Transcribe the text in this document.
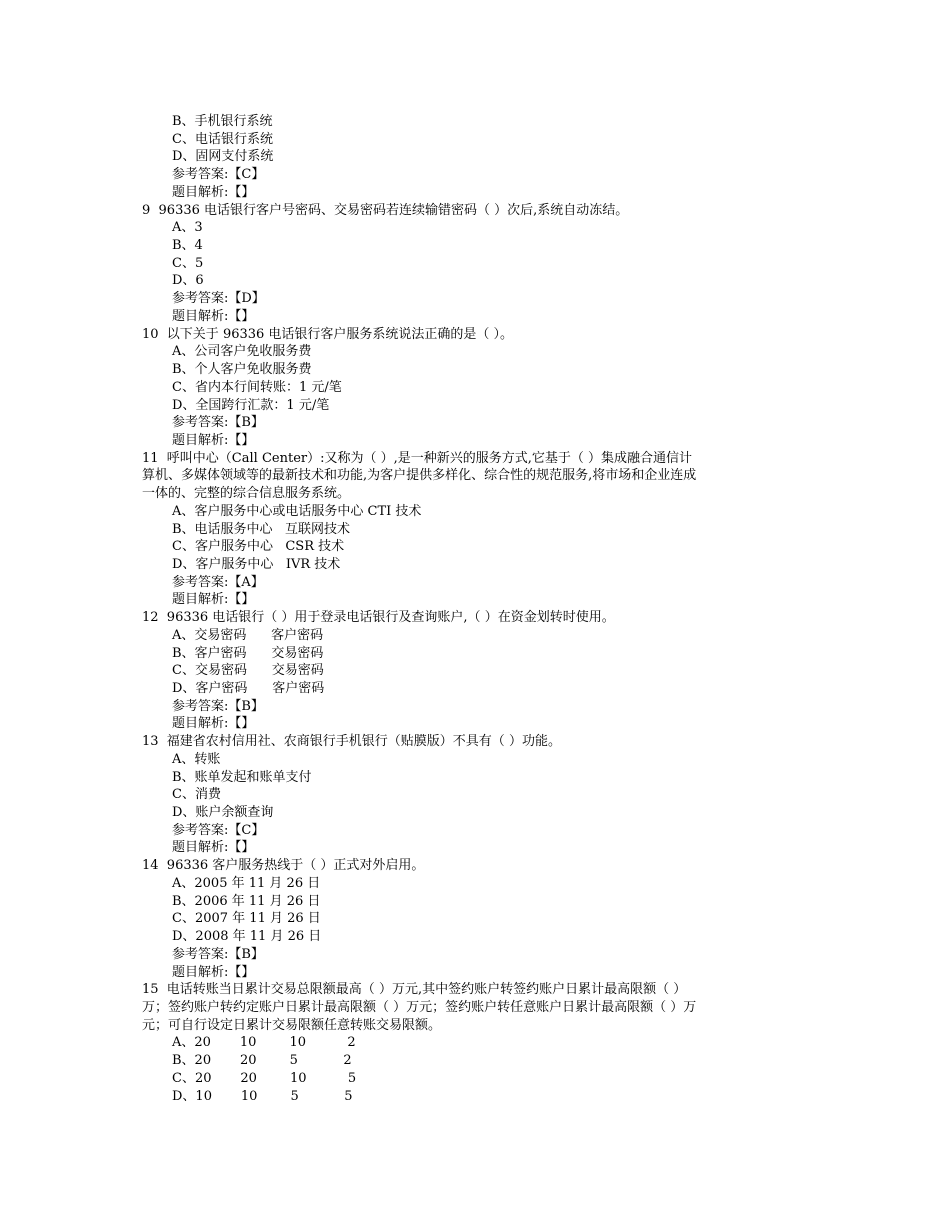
B、手机银行系统
C、电话银行系统
D、固网支付系统
参考答案:【C】
题目解析:【】
9  96336 电话银行客户号密码、交易密码若连续输错密码（ ）次后,系统自动冻结。
A、3
B、4
C、5
D、6
参考答案:【D】
题目解析:【】
10  以下关于 96336 电话银行客户服务系统说法正确的是（ ）。
A、公司客户免收服务费
B、个人客户免收服务费
C、省内本行间转账：1 元/笔
D、全国跨行汇款：1 元/笔
参考答案:【B】
题目解析:【】
11  呼叫中心（Call Center）:又称为（ ）,是一种新兴的服务方式,它基于（ ）集成融合通信计
算机、多媒体领域等的最新技术和功能,为客户提供多样化、综合性的规范服务,将市场和企业连成
一体的、完整的综合信息服务系统。
A、客户服务中心或电话服务中心 CTI 技术
B、电话服务中心   互联网技术
C、客户服务中心   CSR 技术
D、客户服务中心   IVR 技术
参考答案:【A】
题目解析:【】
12  96336 电话银行（ ）用于登录电话银行及查询账户,（ ）在资金划转时使用。
A、交易密码      客户密码
B、客户密码      交易密码
C、交易密码      交易密码
D、客户密码      客户密码
参考答案:【B】
题目解析:【】
13  福建省农村信用社、农商银行手机银行（贴膜版）不具有（ ）功能。
A、转账
B、账单发起和账单支付
C、消费
D、账户余额查询
参考答案:【C】
题目解析:【】
14  96336 客户服务热线于（ ）正式对外启用。
A、2005 年 11 月 26 日
B、2006 年 11 月 26 日
C、2007 年 11 月 26 日
D、2008 年 11 月 26 日
参考答案:【B】
题目解析:【】
15  电话转账当日累计交易总限额最高（ ）万元,其中签约账户转签约账户日累计最高限额（ ）
万；签约账户转约定账户日累计最高限额（ ）万元；签约账户转任意账户日累计最高限额（ ）万
元；可自行设定日累计交易限额任意转账交易限额。
A、20       10        10          2
B、20       20        5           2
C、20       20        10          5
D、10       10        5           5
